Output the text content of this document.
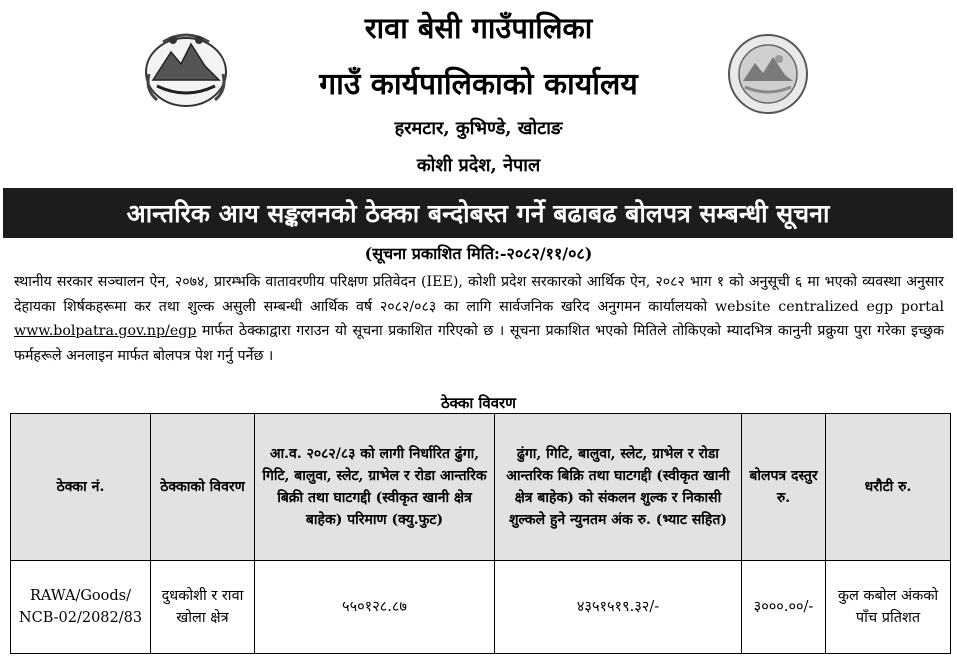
रावा बेसी गाउँपालिका
गाउँ कार्यपालिकाको कार्यालय
हरमटार, कुभिण्डे, खोटाङ
कोशी प्रदेश, नेपाल
आन्तरिक आय सङ्कलनको ठेक्का बन्दोबस्त गर्ने बढाबढ बोलपत्र सम्बन्धी सूचना
(सूचना प्रकाशित मिति:-२०८२/११/०८)
स्थानीय सरकार सञ्चालन ऐन, २०७४, प्रारम्भकि वातावरणीय परिक्षण प्रतिवेदन (IEE), कोशी प्रदेश सरकारको आर्थिक ऐन, २०८२ भाग १ को अनुसूची ६ मा भएको व्यवस्था अनुसार देहायका शिर्षकहरूमा कर तथा शुल्क असुली सम्बन्धी आर्थिक वर्ष २०८२/०८३ का लागि सार्वजनिक खरिद अनुगमन कार्यालयको website centralized egp portal www.bolpatra.gov.np/egp मार्फत ठेक्काद्वारा गराउन यो सूचना प्रकाशित गरिएको छ । सूचना प्रकाशित भएको मितिले तोकिएको म्यादभित्र कानुनी प्रक्रुया पुरा गरेका इच्छुक फर्महरूले अनलाइन मार्फत बोलपत्र पेश गर्नु पर्नेछ ।
ठेक्का विवरण
ठेक्का नं.	ठेक्काको विवरण	आ.व. २०८२/८३ को लागी निर्धारित ढुंगा, गिटि, बालुवा, स्लेट, ग्राभेल र रोडा आन्तरिक बिक्री तथा घाटगद्दी (स्वीकृत खानी क्षेत्र बाहेक) परिमाण (क्यु.फुट)	ढुंगा, गिटि, बालुवा, स्लेट, ग्राभेल र रोडा आन्तरिक बिक्रि तथा घाटगद्दी (स्वीकृत खानी क्षेत्र बाहेक) को संकलन शुल्क र निकासी शुल्कले हुने न्युनतम अंक रु. (भ्याट सहित)	बोलपत्र दस्तुर रु.	धरौटी रु.
RAWA/Goods/ NCB-02/2082/83	दुधकोशी र रावा खोला क्षेत्र	५५०१२८.८७	४३५१५१९.३२/-	३०००.००/-	कुल कबोल अंकको पाँच प्रतिशत
